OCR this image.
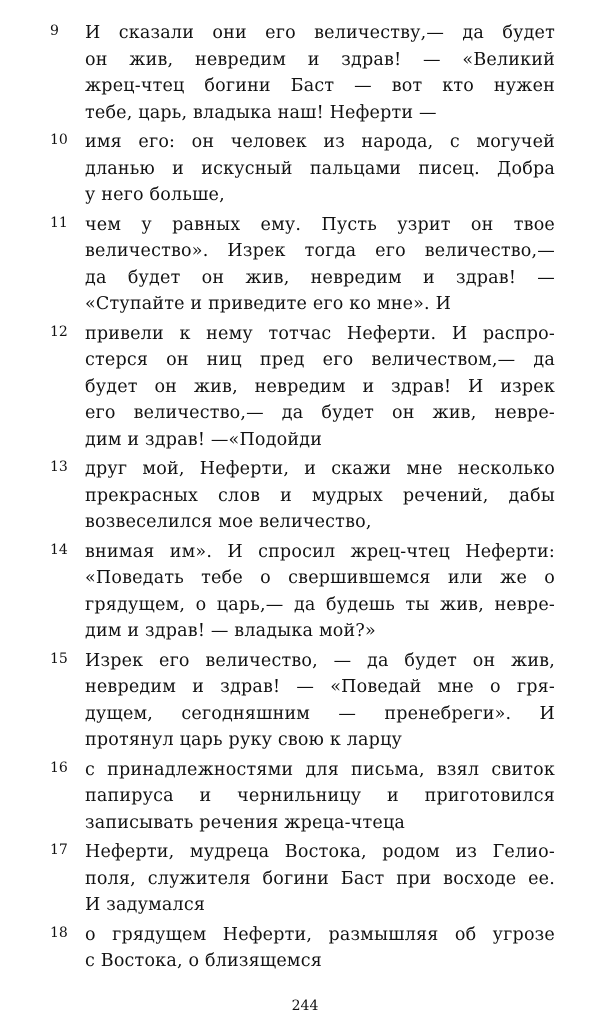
9	И сказали они его величеству,— да будет
он жив, невредим и здрав! — «Великий
жрец-чтец богини Баст — вот кто нужен
тебе, царь, владыка наш! Неферти —
10 имя его: он человек из народа, с могучей
дланью и искусный пальцами писец. Добра
у него больше,
11 чем у равных ему. Пусть узрит он твое
величество». Изрек тогда его величество,—
да будет он жив, невредим и здрав! —
«Ступайте и приведите его ко мне». И
12 привели к нему тотчас Неферти. И распро-
стерся он ниц пред его величеством,— да
будет он жив, невредим и здрав! И изрек
его величество,— да будет он жив, невре-
дим и здрав! —«Подойди
13 друг мой, Неферти, и скажи мне несколько
прекрасных слов и мудрых речений, дабы
возвеселился мое величество,
14 внимая им». И спросил жрец-чтец Неферти:
«Поведать тебе о свершившемся или же о
грядущем, о царь,— да будешь ты жив, невре-
дим и здрав! — владыка мой?»
15 Изрек его величество, — да будет он жив,
невредим и здрав! — «Поведай мне о гря-
дущем, сегодняшним — пренебреги». И
протянул царь руку свою к ларцу
16 с принадлежностями для письма, взял свиток
папируса и чернильницу и приготовился
записывать речения жреца-чтеца
17 Неферти, мудреца Востока, родом из Гелио-
поля, служителя богини Баст при восходе ее.
И задумался
18 о грядущем Неферти, размышляя об угрозе
с Востока, о близящемся
244
